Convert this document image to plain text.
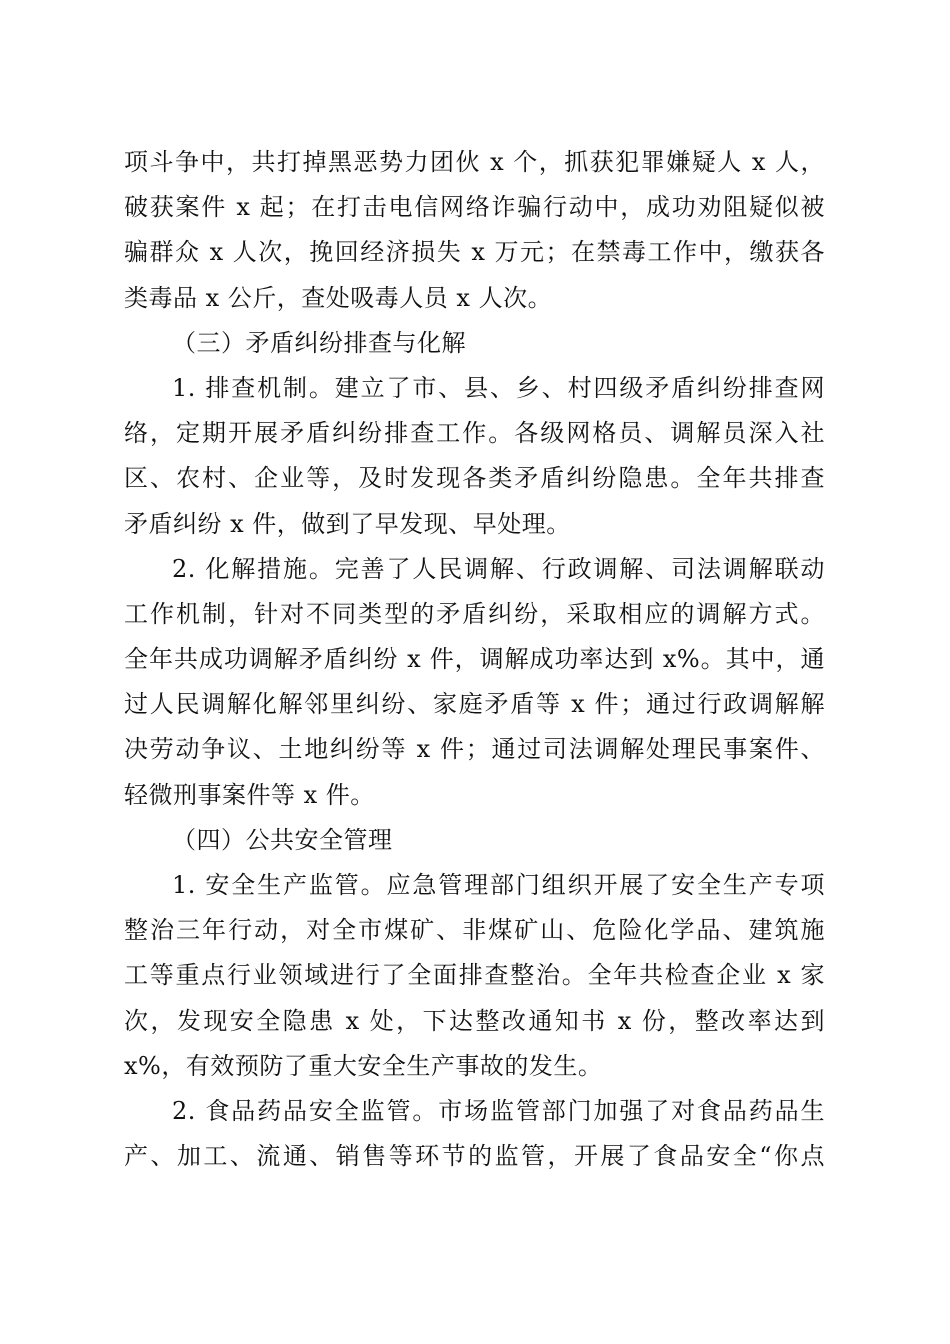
项斗争中，共打掉黑恶势力团伙 x 个，抓获犯罪嫌疑人 x 人，
破获案件 x 起；在打击电信网络诈骗行动中，成功劝阻疑似被
骗群众 x 人次，挽回经济损失 x 万元；在禁毒工作中，缴获各
类毒品 x 公斤，查处吸毒人员 x 人次。
（三）矛盾纠纷排查与化解
1. 排查机制。建立了市、县、乡、村四级矛盾纠纷排查网
络，定期开展矛盾纠纷排查工作。各级网格员、调解员深入社
区、农村、企业等，及时发现各类矛盾纠纷隐患。全年共排查
矛盾纠纷 x 件，做到了早发现、早处理。
2. 化解措施。完善了人民调解、行政调解、司法调解联动
工作机制，针对不同类型的矛盾纠纷，采取相应的调解方式。
全年共成功调解矛盾纠纷 x 件，调解成功率达到 x%。其中，通
过人民调解化解邻里纠纷、家庭矛盾等 x 件；通过行政调解解
决劳动争议、土地纠纷等 x 件；通过司法调解处理民事案件、
轻微刑事案件等 x 件。
（四）公共安全管理
1. 安全生产监管。应急管理部门组织开展了安全生产专项
整治三年行动，对全市煤矿、非煤矿山、危险化学品、建筑施
工等重点行业领域进行了全面排查整治。全年共检查企业 x 家
次，发现安全隐患 x 处，下达整改通知书 x 份，整改率达到
x%，有效预防了重大安全生产事故的发生。
2. 食品药品安全监管。市场监管部门加强了对食品药品生
产、加工、流通、销售等环节的监管，开展了食品安全“你点
